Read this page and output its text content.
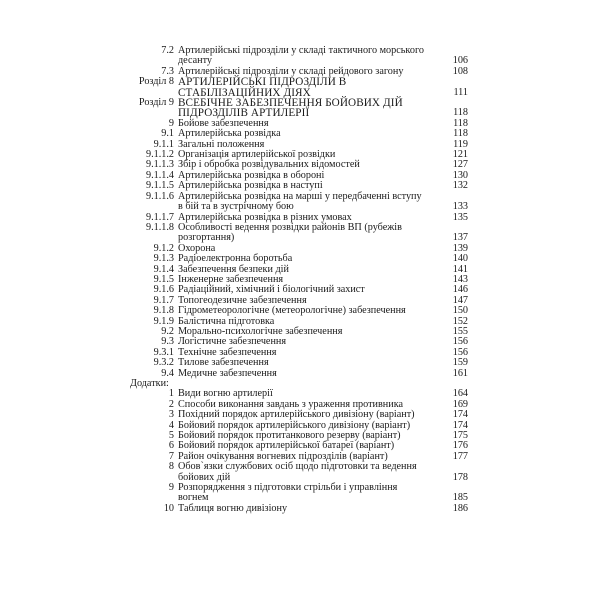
7.2 Артилерійські підрозділи у складі тактичного морського десанту	106
7.3 Артилерійські підрозділи у складі рейдового загону	108
Розділ 8 АРТИЛЕРІЙСЬКІ ПІДРОЗДІЛИ В СТАБІЛІЗАЦІЙНИХ ДІЯХ	111
Розділ 9 ВСЕБІЧНЕ ЗАБЕЗПЕЧЕННЯ БОЙОВИХ ДІЙ ПІДРОЗДІЛІВ АРТИЛЕРІЇ	118
9 Бойове забезпечення	118
9.1 Артилерійська розвідка	118
9.1.1 Загальні положення	119
9.1.1.2 Організація артилерійської розвідки	121
9.1.1.3 Збір і обробка розвідувальних відомостей	127
9.1.1.4 Артилерійська розвідка в обороні	130
9.1.1.5 Артилерійська розвідка в наступі	132
9.1.1.6 Артилерійська розвідка на марші у передбаченні вступу в бій та в зустрічному бою	133
9.1.1.7 Артилерійська розвідка в різних умовах	135
9.1.1.8 Особливості ведення розвідки районів ВП (рубежів розгортання)	137
9.1.2 Охорона	139
9.1.3 Радіоелектронна боротьба	140
9.1.4 Забезпечення безпеки дій	141
9.1.5 Інженерне забезпечення	143
9.1.6 Радіаційний, хімічний і біологічний захист	146
9.1.7 Топогеодезичне забезпечення	147
9.1.8 Гідрометеорологічне (метеорологічне) забезпечення	150
9.1.9 Балістична підготовка	152
9.2 Морально-психологічне забезпечення	155
9.3 Логістичне забезпечення	156
9.3.1 Технічне забезпечення	156
9.3.2 Тилове забезпечення	159
9.4 Медичне забезпечення	161
Додатки:
1 Види вогню артилерії	164
2 Способи виконання завдань з ураження противника	169
3 Похідний порядок артилерійського дивізіону (варіант)	174
4 Бойовий порядок артилерійського дивізіону (варіант)	174
5 Бойовий порядок протитанкового резерву (варіант)	175
6 Бойовий порядок артилерійської батареї (варіант)	176
7 Район очікування вогневих підрозділів (варіант)	177
8 Обов`язки службових осіб щодо підготовки та ведення бойових дій	178
9 Розпорядження з підготовки стрільби і управління вогнем	185
10 Таблиця вогню дивізіону	186
